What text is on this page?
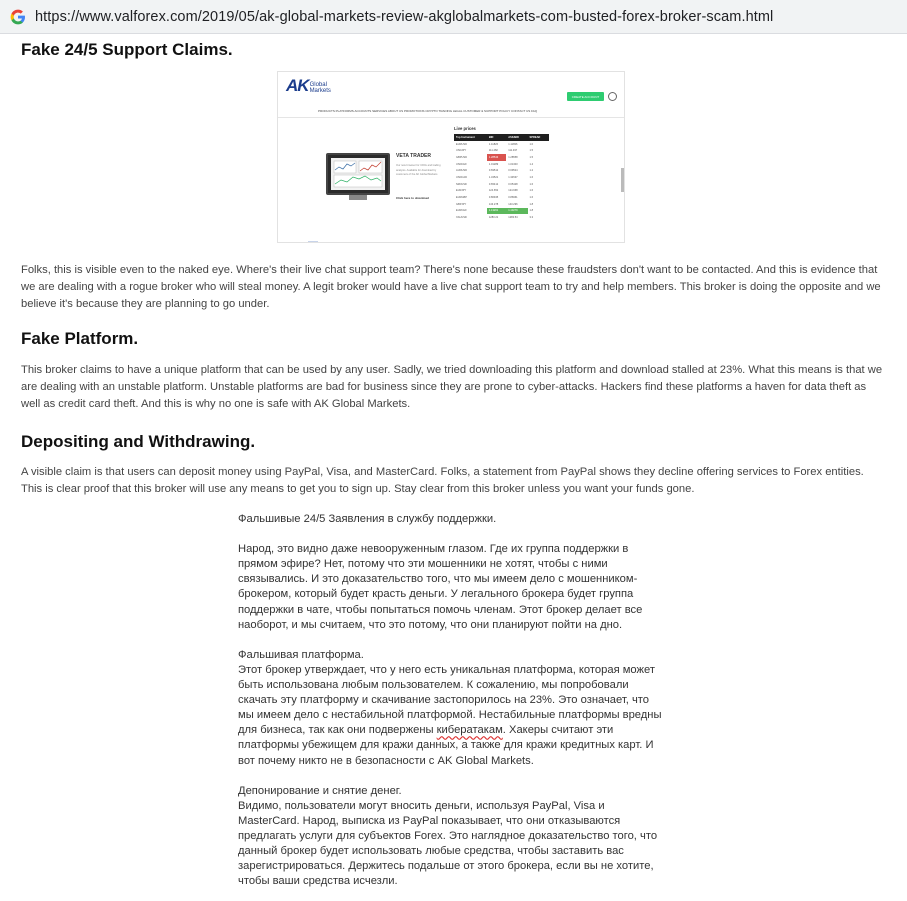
https://www.valforex.com/2019/05/ak-global-markets-review-akglobalmarkets-com-busted-forex-broker-scam.html
Fake 24/5 Support Claims.
AK Global
Markets
CREATE ACCOUNT
PRODUCTS PLATFORMS ACCOUNTS SERVICES ABOUT US PROMOTIONS CRYPTO TRADING LEGAL CUSTOMER & SUPPORT POLICY CONTACT US FAQ
VETA TRADER
Our new browser for CFDs and trading analysis. Available for download by customers of the AK Global Markets
Click here to download
Live prices
Top Instrument	BID	ASK/BID	SPREAD
EURUSD	1.11826	1.11836	1.0
USDJPY	111.482	111.497	1.5
GBPUSD	1.28543	1.28558	1.5
USDCHF	1.01289	1.01303	1.4
AUDUSD	0.69512	0.69524	1.2
USDCAD	1.34521	1.34537	1.6
NZDUSD	0.65412	0.65428	1.6
EURJPY	124.652	124.668	1.6
EURGBP	0.86945	0.86961	1.6
GBPJPY	143.278	143.296	1.8
EURCHF	1.13261	1.13279	1.8
XAUUSD	1283.21	1283.54	3.3

Folks, this is visible even to the naked eye. Where's their live chat support team? There's none because these fraudsters don't want to be contacted. And this is evidence that we are dealing with a rogue broker who will steal money. A legit broker would have a live chat support team to try and help members. This broker is doing the opposite and we believe it's because they are planning to go under.

Fake Platform.

This broker claims to have a unique platform that can be used by any user. Sadly, we tried downloading this platform and download stalled at 23%. What this means is that we are dealing with an unstable platform. Unstable platforms are bad for business since they are prone to cyber-attacks. Hackers find these platforms a haven for data theft as well as credit card theft. And this is why no one is safe with AK Global Markets.

Depositing and Withdrawing.

A visible claim is that users can deposit money using PayPal, Visa, and MasterCard. Folks, a statement from PayPal shows they decline offering services to Forex entities. This is clear proof that this broker will use any means to get you to sign up. Stay clear from this broker unless you want your funds gone.

Фальшивые 24/5 Заявления в службу поддержки.
Народ, это видно даже невооруженным глазом. Где их группа поддержки в
прямом эфире? Нет, потому что эти мошенники не хотят, чтобы с ними
связывались. И это доказательство того, что мы имеем дело с мошенником-
брокером, который будет красть деньги. У легального брокера будет группа
поддержки в чате, чтобы попытаться помочь членам. Этот брокер делает все
наоборот, и мы считаем, что это потому, что они планируют пойти на дно.
Фальшивая платформа.
Этот брокер утверждает, что у него есть уникальная платформа, которая может
быть использована любым пользователем. К сожалению, мы попробовали
скачать эту платформу и скачивание застопорилось на 23%. Это означает, что
мы имеем дело с нестабильной платформой. Нестабильные платформы вредны
для бизнеса, так как они подвержены кибератакам. Хакеры считают эти
платформы убежищем для кражи данных, а также для кражи кредитных карт. И
вот почему никто не в безопасности с AK Global Markets.
Депонирование и снятие денег.
Видимо, пользователи могут вносить деньги, используя PayPal, Visa и
MasterCard. Народ, выписка из PayPal показывает, что они отказываются
предлагать услуги для субъектов Forex. Это наглядное доказательство того, что
данный брокер будет использовать любые средства, чтобы заставить вас
зарегистрироваться. Держитесь подальше от этого брокера, если вы не хотите,
чтобы ваши средства исчезли.
